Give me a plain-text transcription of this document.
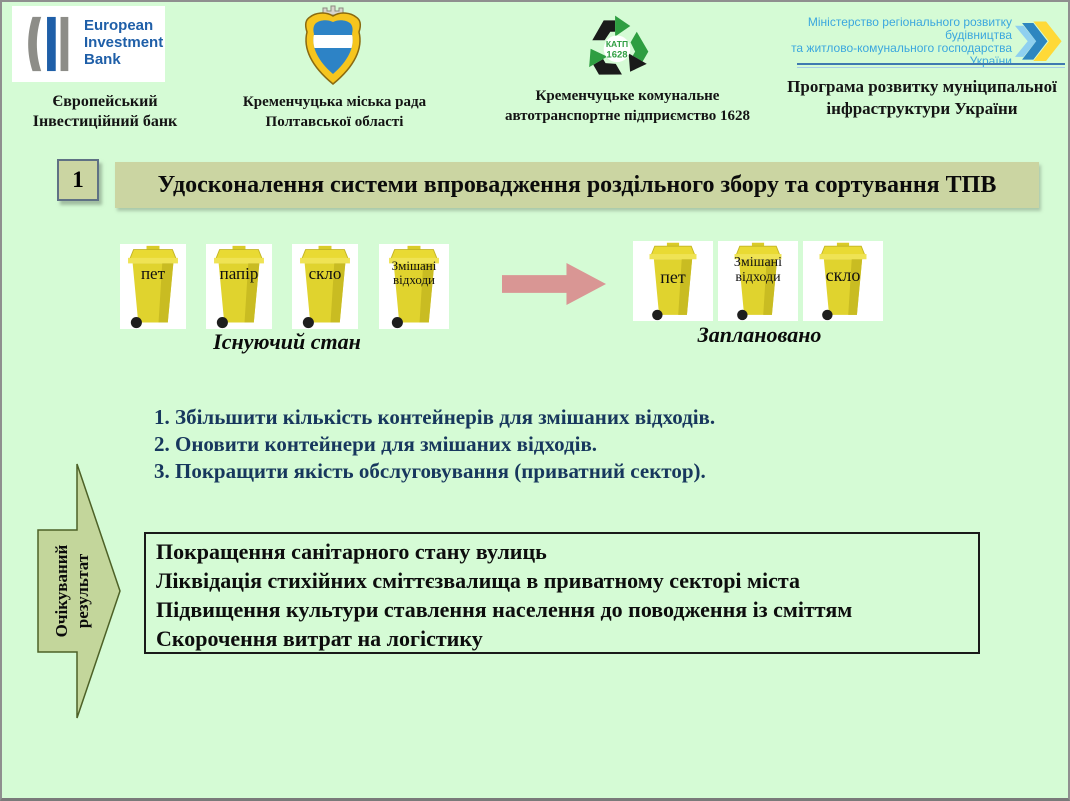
European
Investment
Bank
Європейський
Інвестиційний банк
Кременчуцька міська рада
Полтавської області
КАТП
1628
Кременчуцьке комунальне
автотранспортне підприємство 1628
Міністерство регіонального розвитку
будівництва
та житлово-комунального господарства
України
Програма розвитку муніципальної
інфраструктури України
1	Удосконалення системи впровадження роздільного збору та сортування ТПВ
пет	папір	скло	Змішані відходи
Існуючий стан
пет
Змішані відходи	скло
Заплановано
1. Збільшити кількість контейнерів для змішаних відходів.
2. Оновити контейнери для змішаних відходів.
3. Покращити якість обслуговування (приватний сектор).
Очікуваний результат
Покращення санітарного стану вулиць
Ліквідація стихійних сміттєзвалища в приватному секторі міста
Підвищення культури ставлення населення до поводження із сміттям
Скорочення витрат на логістику
